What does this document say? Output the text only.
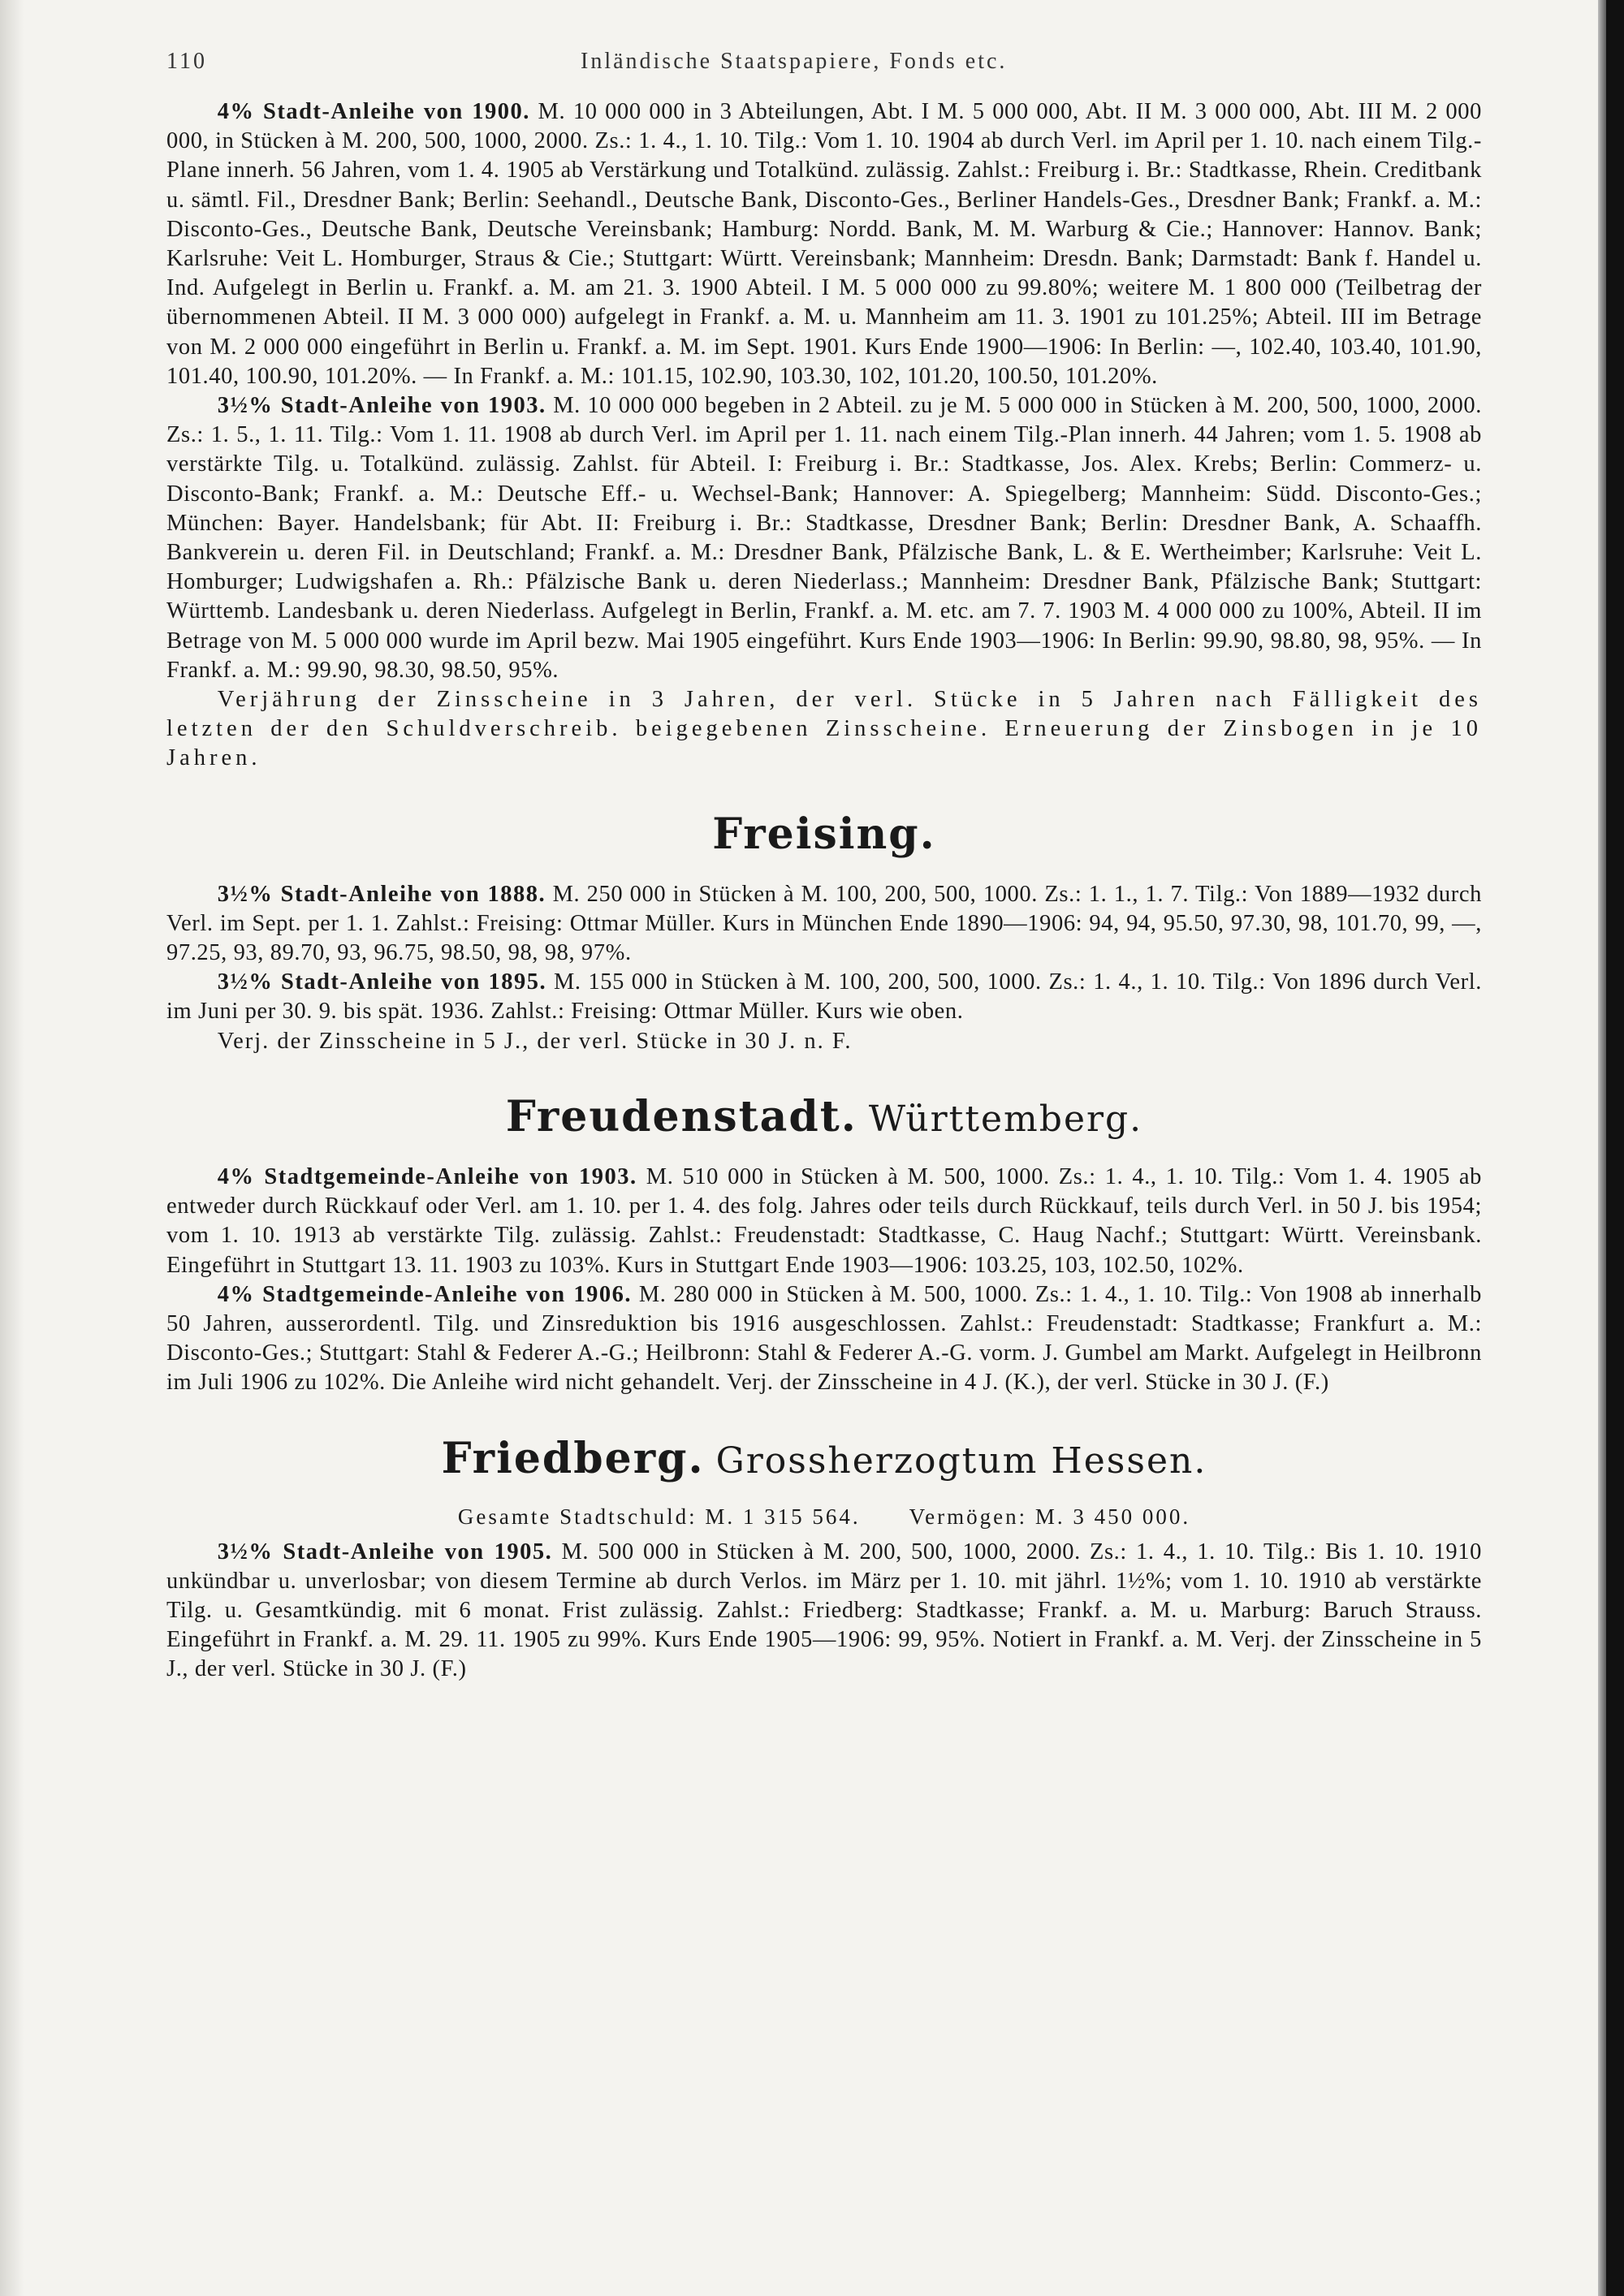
110	Inländische Staatspapiere, Fonds etc.

4% Stadt-Anleihe von 1900. M. 10 000 000 in 3 Abteilungen, Abt. I M. 5 000 000, Abt. II M. 3 000 000, Abt. III M. 2 000 000, in Stücken à M. 200, 500, 1000, 2000. Zs.: 1. 4., 1. 10. Tilg.: Vom 1. 10. 1904 ab durch Verl. im April per 1. 10. nach einem Tilg.-Plane innerh. 56 Jahren, vom 1. 4. 1905 ab Verstärkung und Totalkünd. zulässig. Zahlst.: Freiburg i. Br.: Stadtkasse, Rhein. Creditbank u. sämtl. Fil., Dresdner Bank; Berlin: Seehandl., Deutsche Bank, Disconto-Ges., Berliner Handels-Ges., Dresdner Bank; Frankf. a. M.: Disconto-Ges., Deutsche Bank, Deutsche Vereinsbank; Hamburg: Nordd. Bank, M. M. Warburg & Cie.; Hannover: Hannov. Bank; Karlsruhe: Veit L. Homburger, Straus & Cie.; Stuttgart: Württ. Vereinsbank; Mannheim: Dresdn. Bank; Darmstadt: Bank f. Handel u. Ind. Aufgelegt in Berlin u. Frankf. a. M. am 21. 3. 1900 Abteil. I M. 5 000 000 zu 99.80%; weitere M. 1 800 000 (Teilbetrag der übernommenen Abteil. II M. 3 000 000) aufgelegt in Frankf. a. M. u. Mannheim am 11. 3. 1901 zu 101.25%; Abteil. III im Betrage von M. 2 000 000 eingeführt in Berlin u. Frankf. a. M. im Sept. 1901. Kurs Ende 1900—1906: In Berlin: —, 102.40, 103.40, 101.90, 101.40, 100.90, 101.20%. — In Frankf. a. M.: 101.15, 102.90, 103.30, 102, 101.20, 100.50, 101.20%.

3½% Stadt-Anleihe von 1903. M. 10 000 000 begeben in 2 Abteil. zu je M. 5 000 000 in Stücken à M. 200, 500, 1000, 2000. Zs.: 1. 5., 1. 11. Tilg.: Vom 1. 11. 1908 ab durch Verl. im April per 1. 11. nach einem Tilg.-Plan innerh. 44 Jahren; vom 1. 5. 1908 ab verstärkte Tilg. u. Totalkünd. zulässig. Zahlst. für Abteil. I: Freiburg i. Br.: Stadtkasse, Jos. Alex. Krebs; Berlin: Commerz- u. Disconto-Bank; Frankf. a. M.: Deutsche Eff.- u. Wechsel-Bank; Hannover: A. Spiegelberg; Mannheim: Südd. Disconto-Ges.; München: Bayer. Handelsbank; für Abt. II: Freiburg i. Br.: Stadtkasse, Dresdner Bank; Berlin: Dresdner Bank, A. Schaaffh. Bankverein u. deren Fil. in Deutschland; Frankf. a. M.: Dresdner Bank, Pfälzische Bank, L. & E. Wertheimber; Karlsruhe: Veit L. Homburger; Ludwigshafen a. Rh.: Pfälzische Bank u. deren Niederlass.; Mannheim: Dresdner Bank, Pfälzische Bank; Stuttgart: Württemb. Landesbank u. deren Niederlass. Aufgelegt in Berlin, Frankf. a. M. etc. am 7. 7. 1903 M. 4 000 000 zu 100%, Abteil. II im Betrage von M. 5 000 000 wurde im April bezw. Mai 1905 eingeführt. Kurs Ende 1903—1906: In Berlin: 99.90, 98.80, 98, 95%. — In Frankf. a. M.: 99.90, 98.30, 98.50, 95%.

Verjährung der Zinsscheine in 3 Jahren, der verl. Stücke in 5 Jahren nach Fälligkeit des letzten der den Schuldverschreib. beigegebenen Zinsscheine. Erneuerung der Zinsbogen in je 10 Jahren.

Freising.

3½% Stadt-Anleihe von 1888. M. 250 000 in Stücken à M. 100, 200, 500, 1000. Zs.: 1. 1., 1. 7. Tilg.: Von 1889—1932 durch Verl. im Sept. per 1. 1. Zahlst.: Freising: Ottmar Müller. Kurs in München Ende 1890—1906: 94, 94, 95.50, 97.30, 98, 101.70, 99, —, 97.25, 93, 89.70, 93, 96.75, 98.50, 98, 98, 97%.

3½% Stadt-Anleihe von 1895. M. 155 000 in Stücken à M. 100, 200, 500, 1000. Zs.: 1. 4., 1. 10. Tilg.: Von 1896 durch Verl. im Juni per 30. 9. bis spät. 1936. Zahlst.: Freising: Ottmar Müller. Kurs wie oben.

Verj. der Zinsscheine in 5 J., der verl. Stücke in 30 J. n. F.

Freudenstadt. Württemberg.

4% Stadtgemeinde-Anleihe von 1903. M. 510 000 in Stücken à M. 500, 1000. Zs.: 1. 4., 1. 10. Tilg.: Vom 1. 4. 1905 ab entweder durch Rückkauf oder Verl. am 1. 10. per 1. 4. des folg. Jahres oder teils durch Rückkauf, teils durch Verl. in 50 J. bis 1954; vom 1. 10. 1913 ab verstärkte Tilg. zulässig. Zahlst.: Freudenstadt: Stadtkasse, C. Haug Nachf.; Stuttgart: Württ. Vereinsbank. Eingeführt in Stuttgart 13. 11. 1903 zu 103%. Kurs in Stuttgart Ende 1903—1906: 103.25, 103, 102.50, 102%.

4% Stadtgemeinde-Anleihe von 1906. M. 280 000 in Stücken à M. 500, 1000. Zs.: 1. 4., 1. 10. Tilg.: Von 1908 ab innerhalb 50 Jahren, ausserordentl. Tilg. und Zinsreduktion bis 1916 ausgeschlossen. Zahlst.: Freudenstadt: Stadtkasse; Frankfurt a. M.: Disconto-Ges.; Stuttgart: Stahl & Federer A.-G.; Heilbronn: Stahl & Federer A.-G. vorm. J. Gumbel am Markt. Aufgelegt in Heilbronn im Juli 1906 zu 102%. Die Anleihe wird nicht gehandelt. Verj. der Zinsscheine in 4 J. (K.), der verl. Stücke in 30 J. (F.)

Friedberg. Grossherzogtum Hessen.
Gesamte Stadtschuld: M. 1 315 564. Vermögen: M. 3 450 000.

3½% Stadt-Anleihe von 1905. M. 500 000 in Stücken à M. 200, 500, 1000, 2000. Zs.: 1. 4., 1. 10. Tilg.: Bis 1. 10. 1910 unkündbar u. unverlosbar; von diesem Termine ab durch Verlos. im März per 1. 10. mit jährl. 1½%; vom 1. 10. 1910 ab verstärkte Tilg. u. Gesamtkündig. mit 6 monat. Frist zulässig. Zahlst.: Friedberg: Stadtkasse; Frankf. a. M. u. Marburg: Baruch Strauss. Eingeführt in Frankf. a. M. 29. 11. 1905 zu 99%. Kurs Ende 1905—1906: 99, 95%. Notiert in Frankf. a. M. Verj. der Zinsscheine in 5 J., der verl. Stücke in 30 J. (F.)
